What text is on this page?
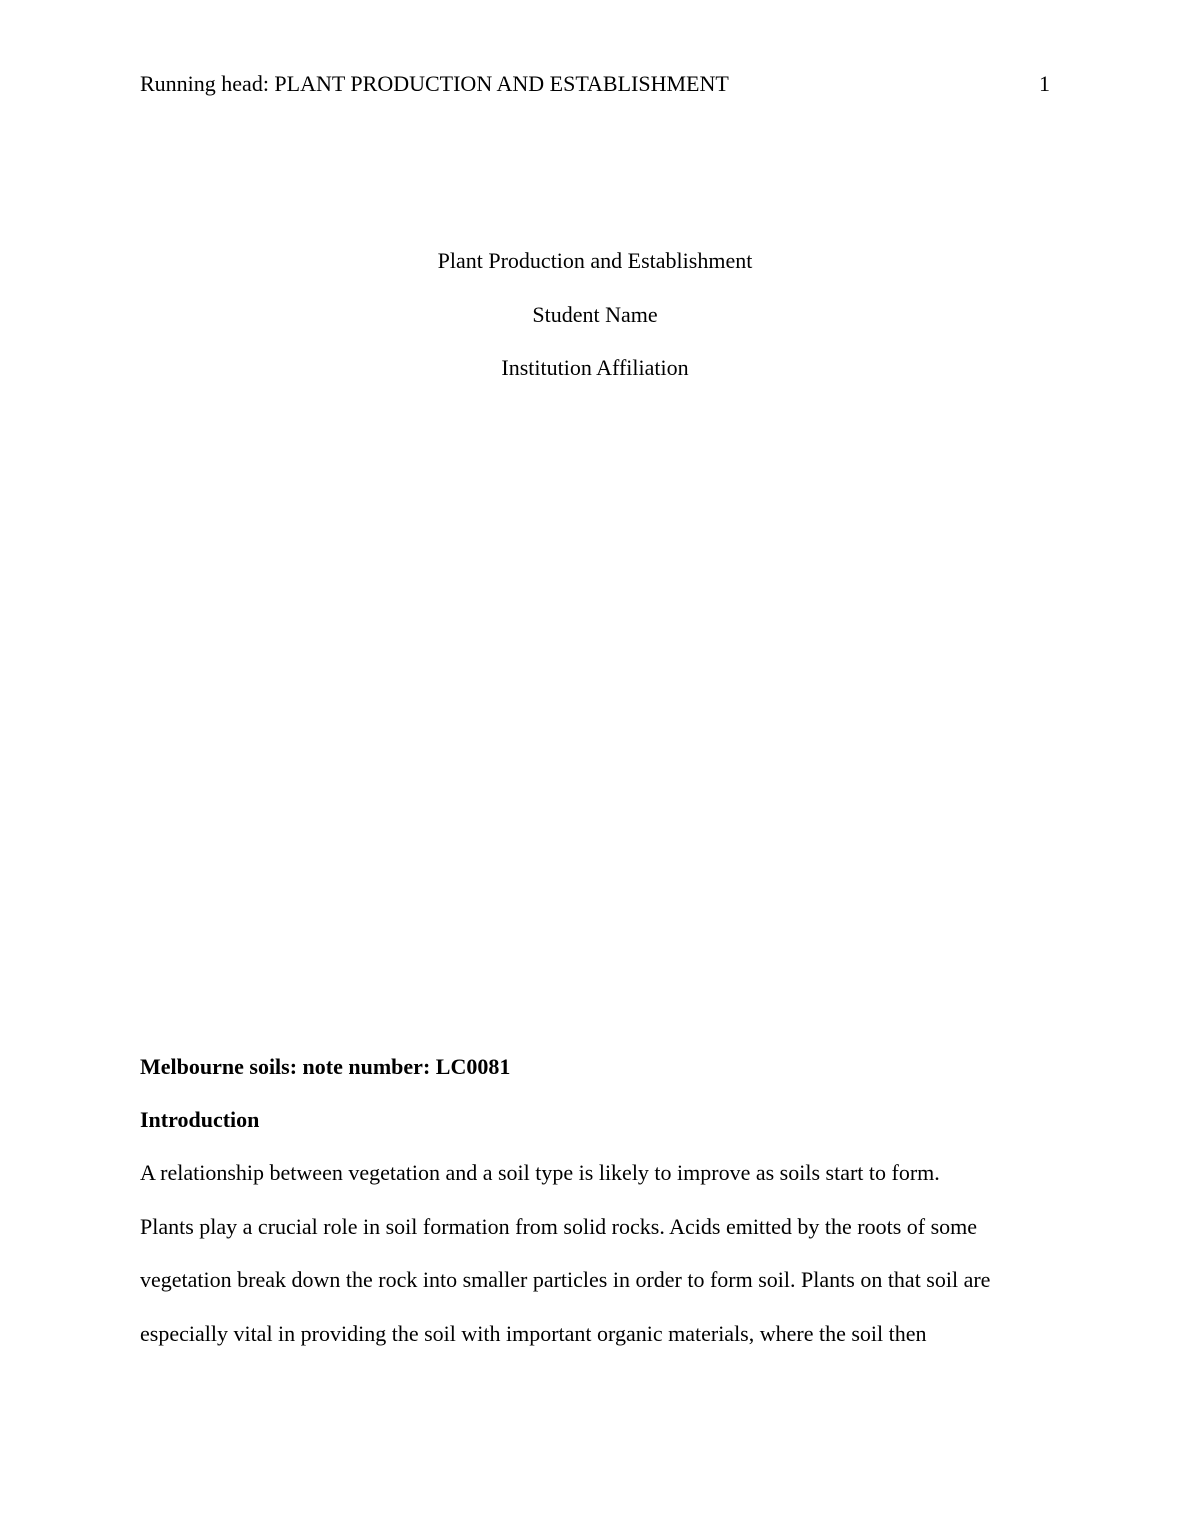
Running head: PLANT PRODUCTION AND ESTABLISHMENT	1
Plant Production and Establishment
Student Name
Institution Affiliation
Melbourne soils: note number: LC0081
Introduction
A relationship between vegetation and a soil type is likely to improve as soils start to form.
Plants play a crucial role in soil formation from solid rocks. Acids emitted by the roots of some
vegetation break down the rock into smaller particles in order to form soil. Plants on that soil are
especially vital in providing the soil with important organic materials, where the soil then
